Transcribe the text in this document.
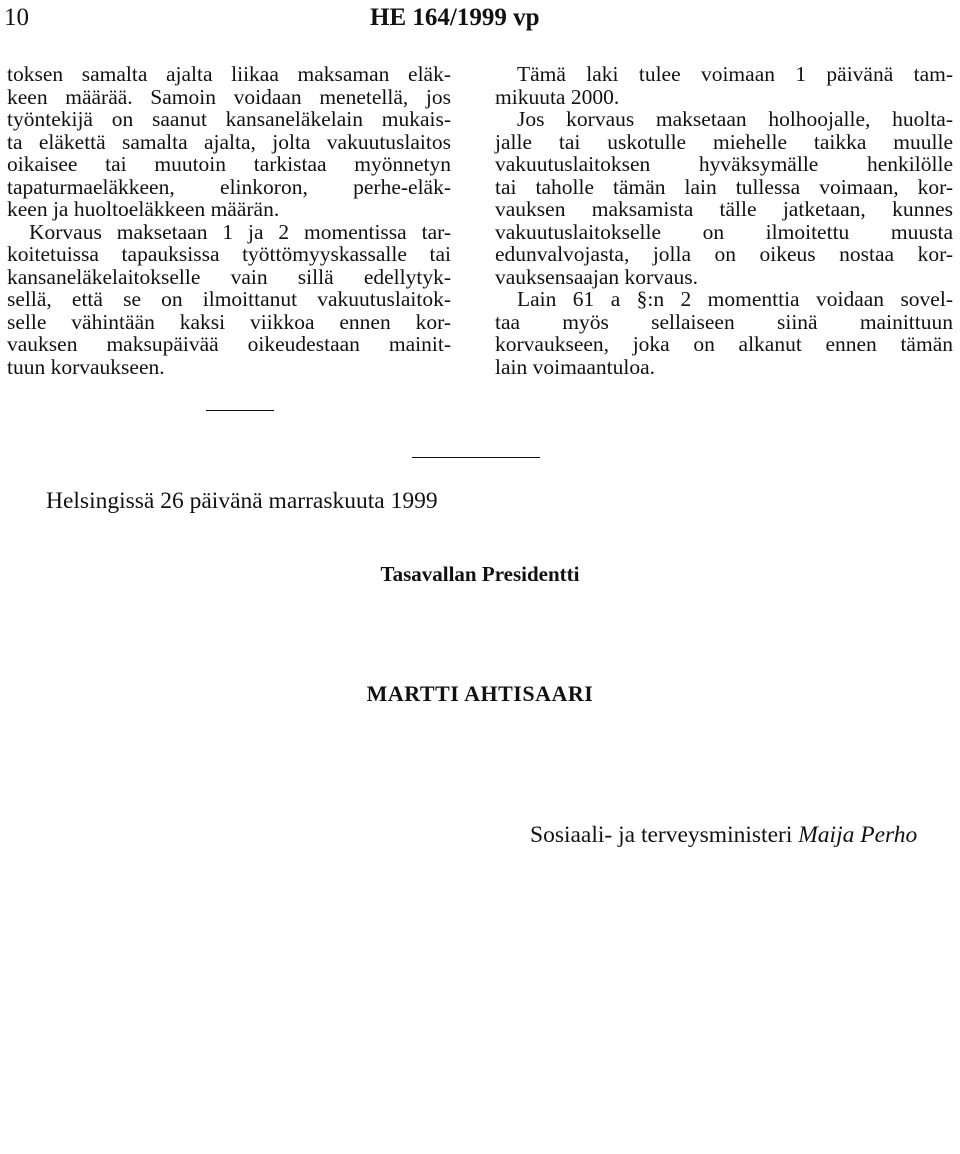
10	HE 164/1999 vp
toksen samalta ajalta liikaa maksaman eläk-
keen määrää. Samoin voidaan menetellä, jos
työntekijä on saanut kansaneläkelain mukais-
ta eläkettä samalta ajalta, jolta vakuutuslaitos
oikaisee tai muutoin tarkistaa myönnetyn
tapaturmaeläkkeen, elinkoron, perhe-eläk-
keen ja huoltoeläkkeen määrän.
Korvaus maksetaan 1 ja 2 momentissa tar-
koitetuissa tapauksissa työttömyyskassalle tai
kansaneläkelaitokselle vain sillä edellytyk-
sellä, että se on ilmoittanut vakuutuslaitok-
selle vähintään kaksi viikkoa ennen kor-
vauksen maksupäivää oikeudestaan mainit-
tuun korvaukseen.
Tämä laki tulee voimaan 1 päivänä tam-
mikuuta 2000.
Jos korvaus maksetaan holhoojalle, huolta-
jalle tai uskotulle miehelle taikka muulle
vakuutuslaitoksen hyväksymälle henkilölle
tai taholle tämän lain tullessa voimaan, kor-
vauksen maksamista tälle jatketaan, kunnes
vakuutuslaitokselle on ilmoitettu muusta
edunvalvojasta, jolla on oikeus nostaa kor-
vauksensaajan korvaus.
Lain 61 a §:n 2 momenttia voidaan sovel-
taa myös sellaiseen siinä mainittuun
korvaukseen, joka on alkanut ennen tämän
lain voimaantuloa.
Helsingissä 26 päivänä marraskuuta 1999
Tasavallan Presidentti
MARTTI AHTISAARI
Sosiaali- ja terveysministeri Maija Perho
